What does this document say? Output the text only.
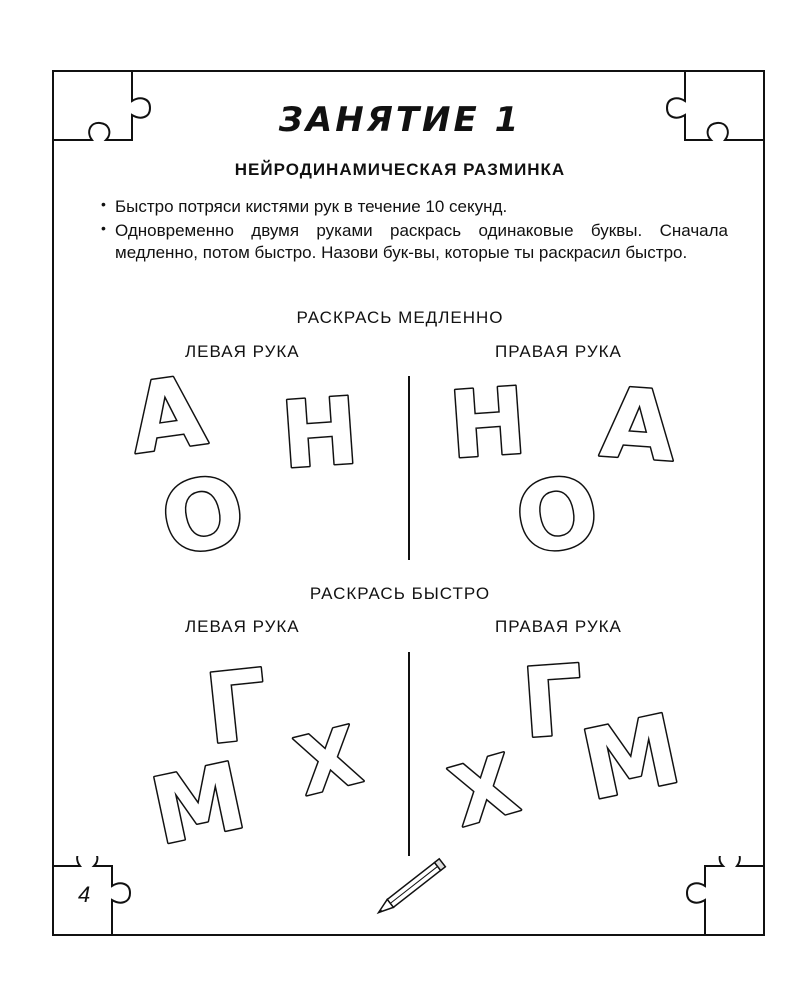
ЗАНЯТИЕ 1
НЕЙРОДИНАМИЧЕСКАЯ РАЗМИНКА
• Быстро потряси кистями рук в течение 10 секунд.
• Одновременно двумя руками раскрась одинаковые буквы. Сначала медленно, потом быстро. Назови бук-вы, которые ты раскрасил быстро.
РАСКРАСЬ МЕДЛЕННО
ЛЕВАЯ РУКА	ПРАВАЯ РУКА
РАСКРАСЬ БЫСТРО
ЛЕВАЯ РУКА	ПРАВАЯ РУКА
А Н
О
Н А
О
Г Х
М
Г
М
Х
4
